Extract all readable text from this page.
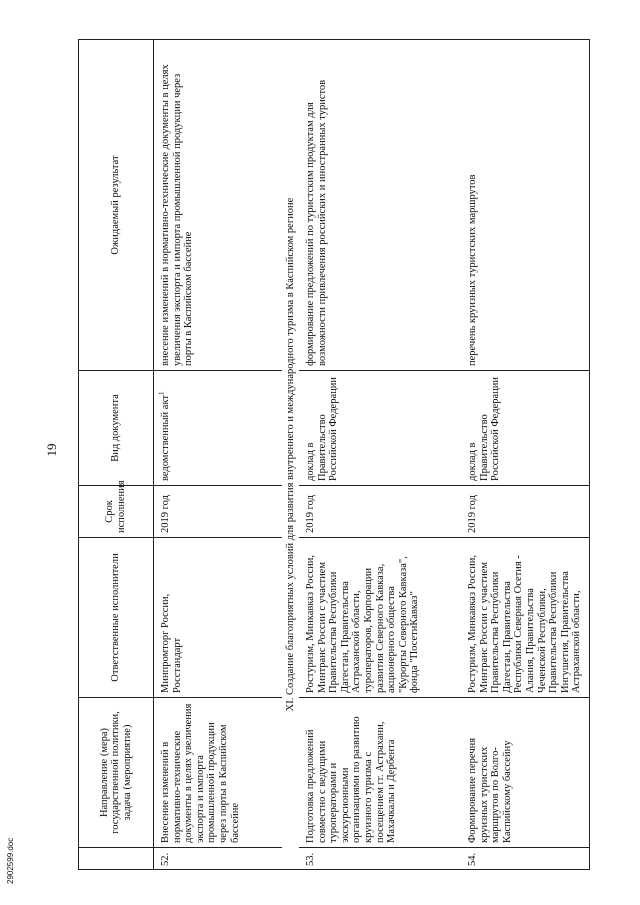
19
	Направление (мера) государственной политики, задача (мероприятие)	Ответственные исполнители	Срок исполнения	Вид документа	Ожидаемый результат
52.	Внесение изменений в нормативно-технические документы в целях увеличения экспорта и импорта промышленной продукции через порты в Каспийском бассейне	Минпромторг России, Росстандарт	2019 год	ведомственный акт$^1$	внесение изменений в нормативно-технические документы в целях увеличения экспорта и импорта промышленной продукции через порты в Каспийском бассейне
XI. Создание благоприятных условий для развития внутреннего и международного туризма в Каспийском регионе					
53.	Подготовка предложений совместно с ведущими туроператорами и экскурсионными организациями по развитию круизного туризма с посещением гг. Астрахани, Махачкалы и Дербента	Ростуризм, Минкавказ России, Минтранс России с участием Правительства Республики Дагестан, Правительства Астраханской области, туроператоров, Корпорации развития Северного Кавказа, акционерного общества "Курорты Северного Кавказа", фонда "ПосетиКавказ"	2019 год	доклад в Правительство Российской Федерации	формирование предложений по туристским продуктам для возможности привлечения российских и иностранных туристов
54.	Формирование перечня круизных туристских маршрутов по Волго-Каспийскому бассейну	Ростуризм, Минкавказ России, Минтранс России с участием Правительства Республики Дагестан, Правительства Республики Северная Осетия - Алания, Правительства Чеченской Республики, Правительства Республики Ингушетия, Правительства Астраханской области,	2019 год	доклад в Правительство Российской Федерации	перечень круизных туристских маршрутов
2902599.doc
